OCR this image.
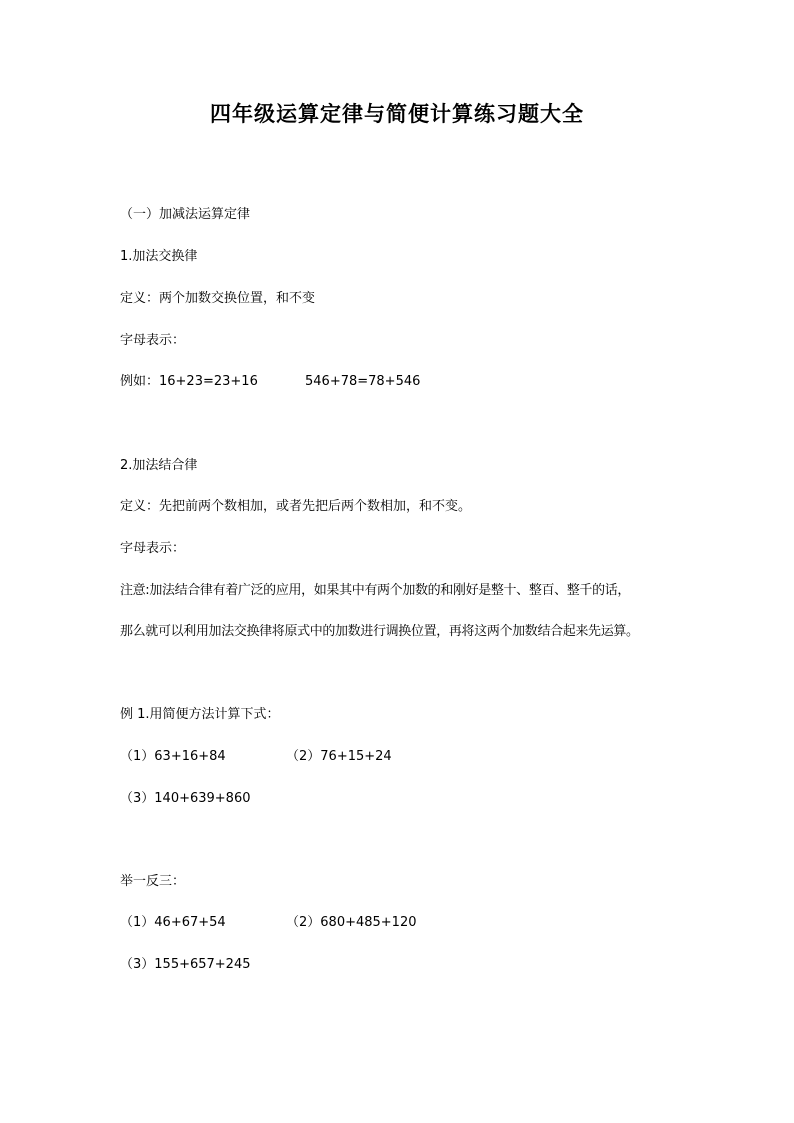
四年级运算定律与简便计算练习题大全
（一）加减法运算定律
1.加法交换律
定义：两个加数交换位置，和不变
字母表示：
例如：16+23=23+16	546+78=78+546
2.加法结合律
定义：先把前两个数相加，或者先把后两个数相加，和不变。
字母表示：
注意:加法结合律有着广泛的应用，如果其中有两个加数的和刚好是整十、整百、整千的话，
那么就可以利用加法交换律将原式中的加数进行调换位置，再将这两个加数结合起来先运算。
例 1.用简便方法计算下式：
（1）63+16+84	（2）76+15+24
（3）140+639+860
举一反三：
（1）46+67+54	（2）680+485+120
（3）155+657+245
